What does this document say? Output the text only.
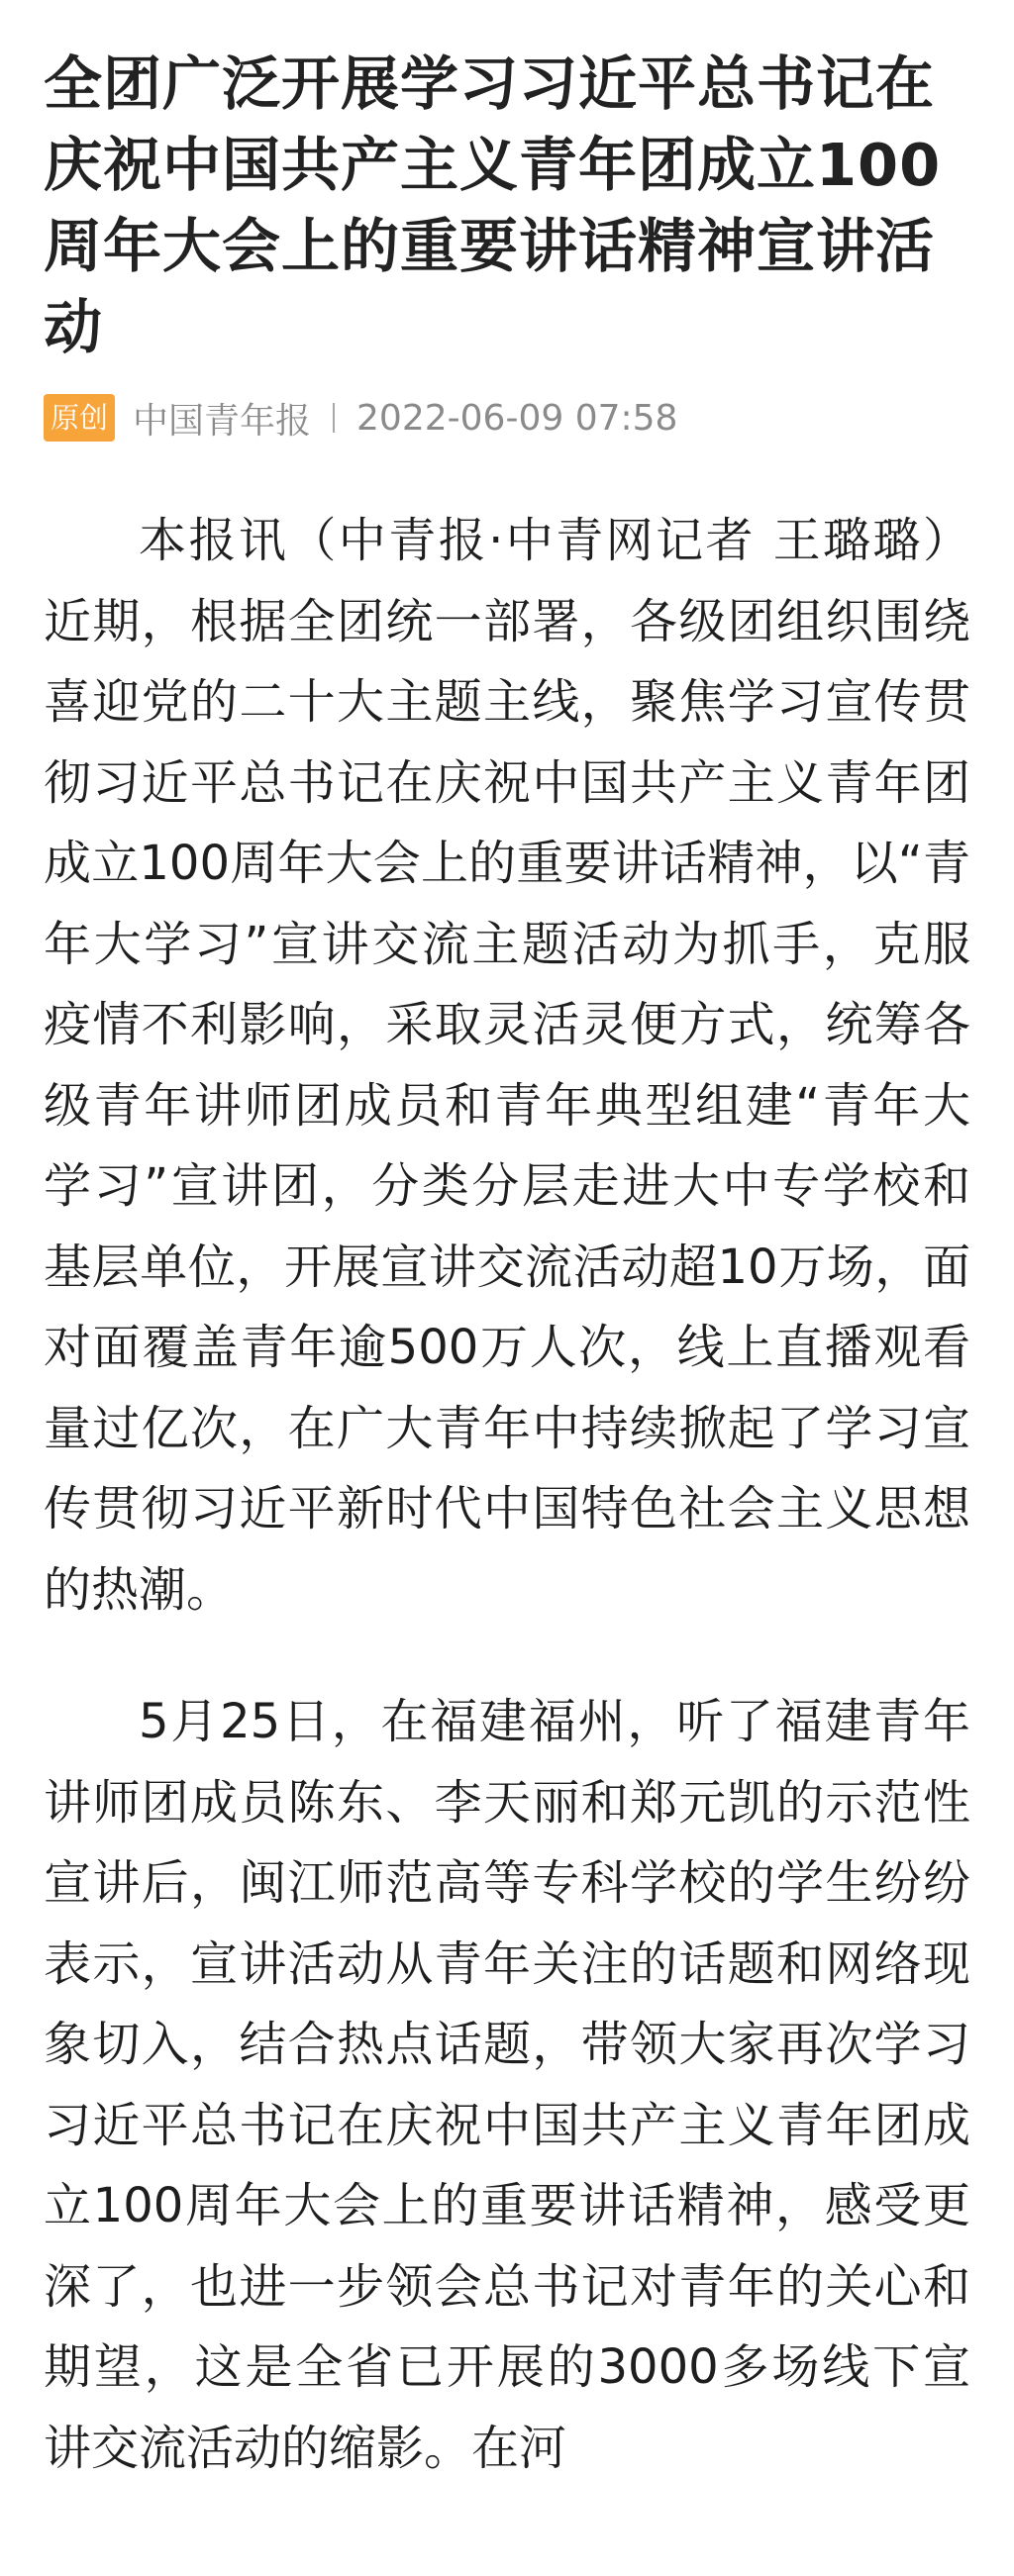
全团广泛开展学习习近平总书记在庆祝中国共产主义青年团成立100周年大会上的重要讲话精神宣讲活动
原创 中国青年报 2022-06-09 07:58

本报讯（中青报·中青网记者 王璐璐）近期，根据全团统一部署，各级团组织围绕喜迎党的二十大主题主线，聚焦学习宣传贯彻习近平总书记在庆祝中国共产主义青年团成立100周年大会上的重要讲话精神，以“青年大学习”宣讲交流主题活动为抓手，克服疫情不利影响，采取灵活灵便方式，统筹各级青年讲师团成员和青年典型组建“青年大学习”宣讲团，分类分层走进大中专学校和基层单位，开展宣讲交流活动超10万场，面对面覆盖青年逾500万人次，线上直播观看量过亿次，在广大青年中持续掀起了学习宣传贯彻习近平新时代中国特色社会主义思想的热潮。

5月25日，在福建福州，听了福建青年讲师团成员陈东、李天丽和郑元凯的示范性宣讲后，闽江师范高等专科学校的学生纷纷表示，宣讲活动从青年关注的话题和网络现象切入，结合热点话题，带领大家再次学习习近平总书记在庆祝中国共产主义青年团成立100周年大会上的重要讲话精神，感受更深了，也进一步领会总书记对青年的关心和期望，这是全省已开展的3000多场线下宣讲交流活动的缩影。在河
